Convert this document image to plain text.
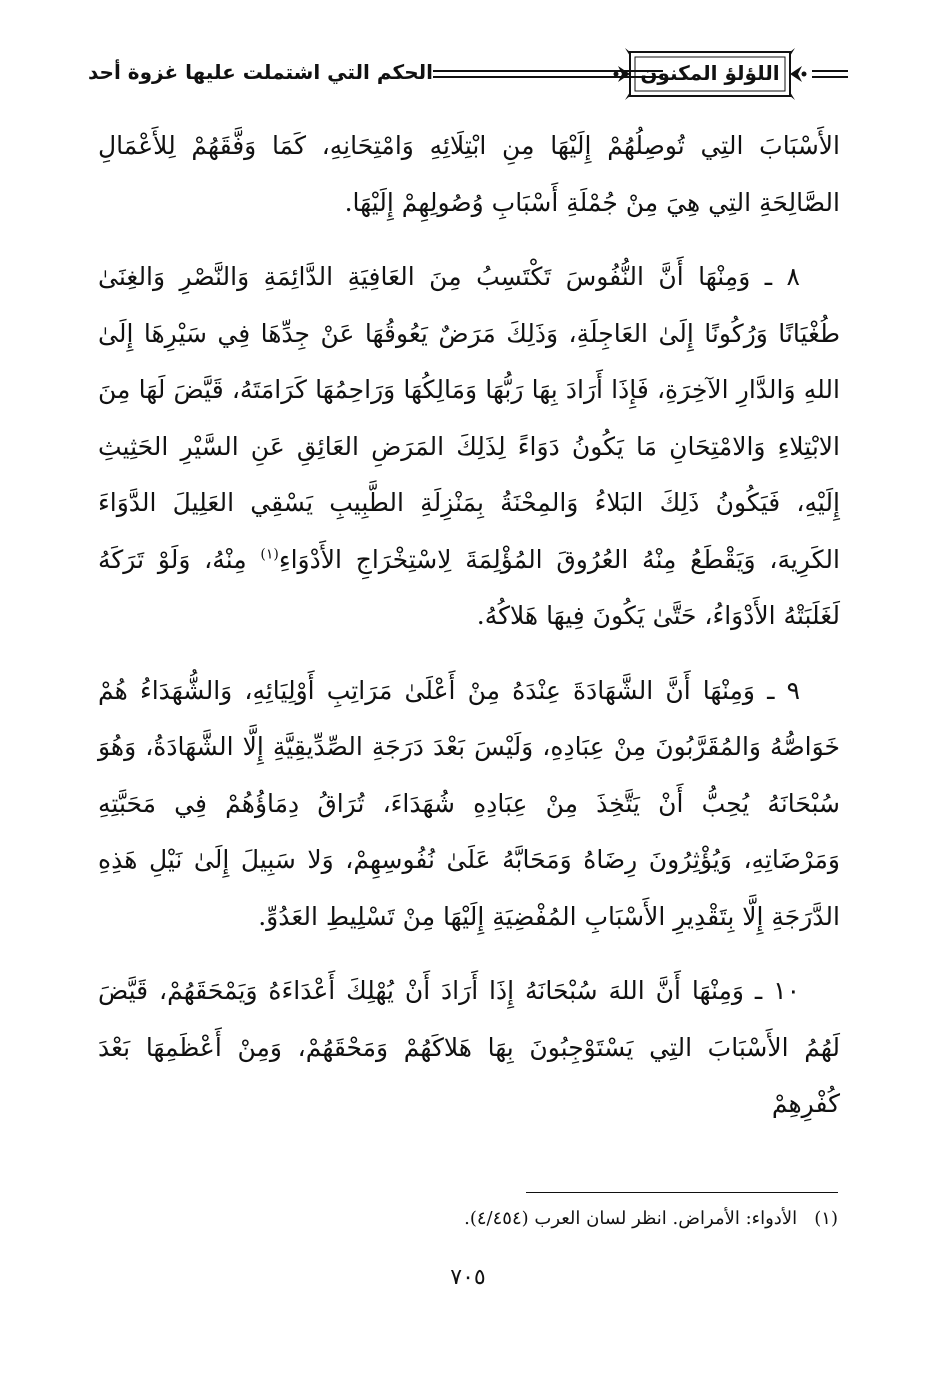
اللؤلؤ المكنون
الحكم التي اشتملت عليها غزوة أحد

الأَسْبَابَ التِي تُوصِلُهُمْ إِلَيْهَا مِنِ ابْتِلَائِهِ وَامْتِحَانِهِ، كَمَا وَفَّقَهُمْ لِلأَعْمَالِ الصَّالِحَةِ التِي هِيَ مِنْ جُمْلَةِ أَسْبَابِ وُصُولِهِمْ إِلَيْهَا.

٨ ـ وَمِنْهَا أَنَّ النُّفُوسَ تَكْتَسِبُ مِنَ العَافِيَةِ الدَّائِمَةِ وَالنَّصْرِ وَالغِنَىٰ طُغْيَانًا وَرُكُونًا إِلَىٰ العَاجِلَةِ، وَذَلِكَ مَرَضٌ يَعُوقُهَا عَنْ جِدِّهَا فِي سَيْرِهَا إِلَىٰ اللهِ وَالدَّارِ الآخِرَةِ، فَإِذَا أَرَادَ بِهَا رَبُّهَا وَمَالِكُهَا وَرَاحِمُهَا كَرَامَتَهُ، قَيَّضَ لَهَا مِنَ الابْتِلاءِ وَالامْتِحَانِ مَا يَكُونُ دَوَاءً لِذَلِكَ المَرَضِ العَائِقِ عَنِ السَّيْرِ الحَثِيثِ إِلَيْهِ، فَيَكُونُ ذَلِكَ البَلاءُ وَالمِحْنَةُ بِمَنْزِلَةِ الطَّبِيبِ يَسْقِي العَلِيلَ الدَّوَاءَ الكَرِيهَ، وَيَقْطَعُ مِنْهُ العُرُوقَ المُؤْلِمَةَ لِاسْتِخْرَاجِ الأَدْوَاءِ$^{(١)}$ مِنْهُ، وَلَوْ تَرَكَهُ لَغَلَبَتْهُ الأَدْوَاءُ، حَتَّىٰ يَكُونَ فِيهَا هَلاكُهُ.

٩ ـ وَمِنْهَا أَنَّ الشَّهَادَةَ عِنْدَهُ مِنْ أَعْلَىٰ مَرَاتِبِ أَوْلِيَائِهِ، وَالشُّهَدَاءُ هُمْ خَوَاصُّهُ وَالمُقَرَّبُونَ مِنْ عِبَادِهِ، وَلَيْسَ بَعْدَ دَرَجَةِ الصِّدِّيقِيَّةِ إِلَّا الشَّهَادَةُ، وَهُوَ سُبْحَانَهُ يُحِبُّ أَنْ يَتَّخِذَ مِنْ عِبَادِهِ شُهَدَاءَ، تُرَاقُ دِمَاؤُهُمْ فِي مَحَبَّتِهِ وَمَرْضَاتِهِ، وَيُؤْثِرُونَ رِضَاهُ وَمَحَابَّهُ عَلَىٰ نُفُوسِهِمْ، وَلا سَبِيلَ إِلَىٰ نَيْلِ هَذِهِ الدَّرَجَةِ إِلَّا بِتَقْدِيرِ الأَسْبَابِ المُفْضِيَةِ إِلَيْهَا مِنْ تَسْلِيطِ العَدُوِّ.

١٠ ـ وَمِنْهَا أَنَّ اللهَ سُبْحَانَهُ إِذَا أَرَادَ أَنْ يُهْلِكَ أَعْدَاءَهُ وَيَمْحَقَهُمْ، قَيَّضَ لَهُمُ الأَسْبَابَ التِي يَسْتَوْجِبُونَ بِهَا هَلاكَهُمْ وَمَحْقَهُمْ، وَمِنْ أَعْظَمِهَا بَعْدَ كُفْرِهِمْ

(١)   الأدواء: الأمراض. انظر لسان العرب (٤/٤٥٤).
٧٠٥
